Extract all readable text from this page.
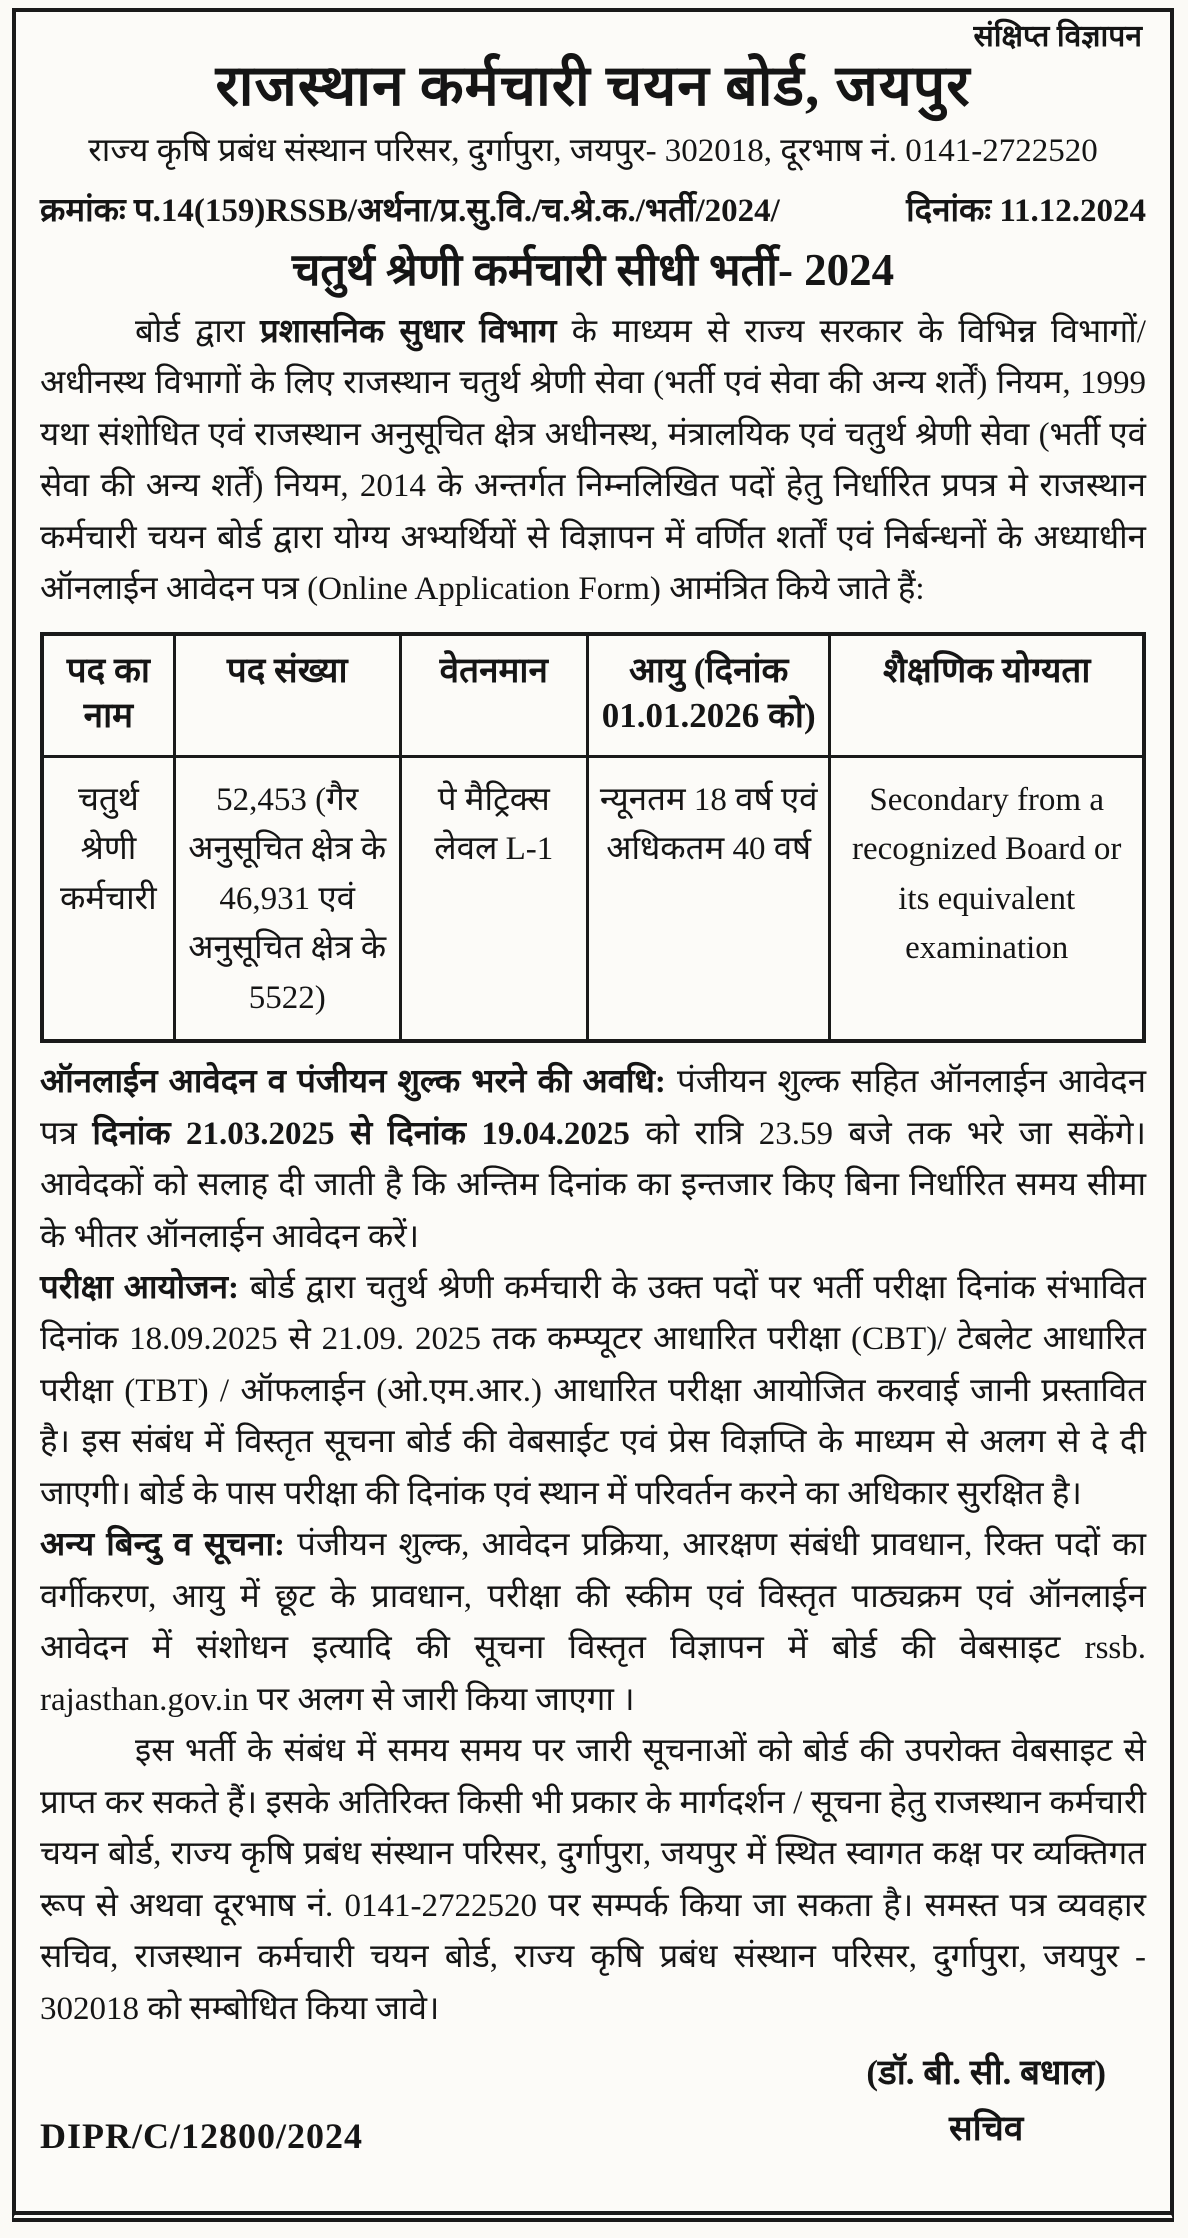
संक्षिप्त विज्ञापन
राजस्थान कर्मचारी चयन बोर्ड, जयपुर
राज्य कृषि प्रबंध संस्थान परिसर, दुर्गापुरा, जयपुर- 302018, दूरभाष नं. 0141-2722520
क्रमांकः प.14(159)RSSB/अर्थना/प्र.सु.वि./च.श्रे.क./भर्ती/2024/	दिनांकः 11.12.2024
चतुर्थ श्रेणी कर्मचारी सीधी भर्ती- 2024

बोर्ड द्वारा प्रशासनिक सुधार विभाग के माध्यम से राज्य सरकार के विभिन्न विभागों/ अधीनस्थ विभागों के लिए राजस्थान चतुर्थ श्रेणी सेवा (भर्ती एवं सेवा की अन्य शर्तें) नियम, 1999 यथा संशोधित एवं राजस्थान अनुसूचित क्षेत्र अधीनस्थ, मंत्रालयिक एवं चतुर्थ श्रेणी सेवा (भर्ती एवं सेवा की अन्य शर्तें) नियम, 2014 के अन्तर्गत निम्नलिखित पदों हेतु निर्धारित प्रपत्र मे राजस्थान कर्मचारी चयन बोर्ड द्वारा योग्य अभ्यर्थियों से विज्ञापन में वर्णित शर्तों एवं निर्बन्धनों के अध्याधीन ऑनलाईन आवेदन पत्र (Online Application Form) आमंत्रित किये जाते हैं:

पद का नाम	पद संख्या	वेतनमान	आयु (दिनांक 01.01.2026 को)	शैक्षणिक योग्यता
चतुर्थ श्रेणी कर्मचारी	52,453 (गैर अनुसूचित क्षेत्र के 46,931 एवं अनुसूचित क्षेत्र के 5522)	पे मैट्रिक्स लेवल L-1	न्यूनतम 18 वर्ष एवं अधिकतम 40 वर्ष	Secondary from a recognized Board or its equivalent examination

ऑनलाईन आवेदन व पंजीयन शुल्क भरने की अवधि: पंजीयन शुल्क सहित ऑनलाईन आवेदन पत्र दिनांक 21.03.2025 से दिनांक 19.04.2025 को रात्रि 23.59 बजे तक भरे जा सकेंगे। आवेदकों को सलाह दी जाती है कि अन्तिम दिनांक का इन्तजार किए बिना निर्धारित समय सीमा के भीतर ऑनलाईन आवेदन करें।

परीक्षा आयोजन: बोर्ड द्वारा चतुर्थ श्रेणी कर्मचारी के उक्त पदों पर भर्ती परीक्षा दिनांक संभावित दिनांक 18.09.2025 से 21.09. 2025 तक कम्प्यूटर आधारित परीक्षा (CBT)/ टेबलेट आधारित परीक्षा (TBT) / ऑफलाईन (ओ.एम.आर.) आधारित परीक्षा आयोजित करवाई जानी प्रस्तावित है। इस संबंध में विस्तृत सूचना बोर्ड की वेबसाईट एवं प्रेस विज्ञप्ति के माध्यम से अलग से दे दी जाएगी। बोर्ड के पास परीक्षा की दिनांक एवं स्थान में परिवर्तन करने का अधिकार सुरक्षित है।

अन्य बिन्दु व सूचना: पंजीयन शुल्क, आवेदन प्रक्रिया, आरक्षण संबंधी प्रावधान, रिक्त पदों का वर्गीकरण, आयु में छूट के प्रावधान, परीक्षा की स्कीम एवं विस्तृत पाठ्यक्रम एवं ऑनलाईन आवेदन में संशोधन इत्यादि की सूचना विस्तृत विज्ञापन में बोर्ड की वेबसाइट rssb. rajasthan.gov.in पर अलग से जारी किया जाएगा ।

इस भर्ती के संबंध में समय समय पर जारी सूचनाओं को बोर्ड की उपरोक्त वेबसाइट से प्राप्त कर सकते हैं। इसके अतिरिक्त किसी भी प्रकार के मार्गदर्शन / सूचना हेतु राजस्थान कर्मचारी चयन बोर्ड, राज्य कृषि प्रबंध संस्थान परिसर, दुर्गापुरा, जयपुर में स्थित स्वागत कक्ष पर व्यक्तिगत रूप से अथवा दूरभाष नं. 0141-2722520 पर सम्पर्क किया जा सकता है। समस्त पत्र व्यवहार सचिव, राजस्थान कर्मचारी चयन बोर्ड, राज्य कृषि प्रबंध संस्थान परिसर, दुर्गापुरा, जयपुर - 302018 को सम्बोधित किया जावे।

DIPR/C/12800/2024
(डॉ. बी. सी. बधाल)
सचिव
